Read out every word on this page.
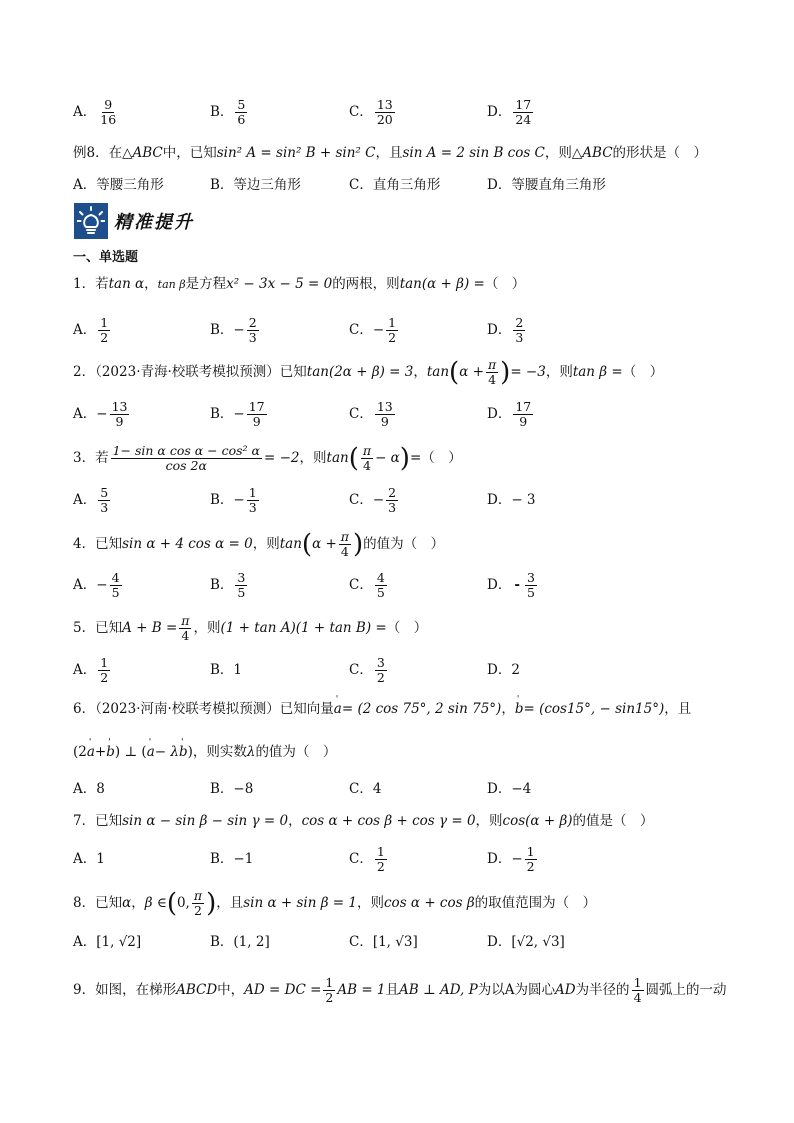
A． $\frac{9}{16}$	B． $\frac{5}{6}$	C． $\frac{13}{20}$	D． $\frac{17}{24}$
例8．在△ABC中，已知sin² A = sin² B + sin² C，且sin A = 2 sin B cos C，则△ABC的形状是（　）
A．等腰三角形	B．等边三角形	C．直角三角形	D．等腰直角三角形
精准提升
一、单选题
1．若tan α，tan β是方程x² − 3x − 5 = 0的两根，则tan(α + β) =（　）
A． $\frac{1}{2}$	B．− $\frac{2}{3}$	C．− $\frac{1}{2}$	D． $\frac{2}{3}$
2．（2023·青海·校联考模拟预测）已知tan(2α + β) = 3，$\tan(\alpha + \frac{\pi}{4}$ )= −3，则tan β =（　）
A．− $\frac{13}{9}$	B．− $\frac{17}{9}$	C． $\frac{13}{9}$	D． $\frac{17}{9}$
3．若 $\frac{\text{1− sin α cos α − cos² α}}{\cos 2\alpha} = -2$，则$\tan( \frac{\pi}{4} - \alpha)=$（　）
A． $\frac{5}{3}$	B．− $\frac{1}{3}$	C．− $\frac{2}{3}$	D．− 3
4．已知sin α + 4 cos α = 0，则$\tan(\alpha + \frac{\pi}{4}$ )的值为（　）
A．− $\frac{4}{5}$	B． $\frac{3}{5}$	C． $\frac{4}{5}$	D． - $\frac{3}{5}$
5．已知$A + B = \frac{\pi}{4}$ ，则(1 + tan A)(1 + tan B) =（　）
A． $\frac{1}{2}$	B．1	C． $\frac{3}{2}$	D．2
6．（2023·河南·校联考模拟预测）已知向量' a= (2 cos 75°, 2 sin 75°)，' b= (cos15°, − sin15°)，且
(2' a+' b) ⊥ (' a− λ' b)，则实数λ的值为（　）
A．8	B．−8	C．4	D．−4
7．已知sin α − sin β − sin γ = 0，cos α + cos β + cos γ = 0，则cos(α + β)的值是（　）
A．1	B．−1	C． $\frac{1}{2}$	D．− $\frac{1}{2}$
8．已知α，β ∈(0, $\frac{\pi}{2}$ )，且sin α + sin β = 1，则cos α + cos β的取值范围为（　）
A．[1, √2]	B．(1, 2]	C．[1, √3]	D．[√2, √3]
9．如图，在梯形ABCD中，AD = DC = $\frac{1}{2}$ AB = 1且AB ⊥ AD, P为以A为圆心AD为半径的 $\frac{1}{4}$ 圆弧上的一动
